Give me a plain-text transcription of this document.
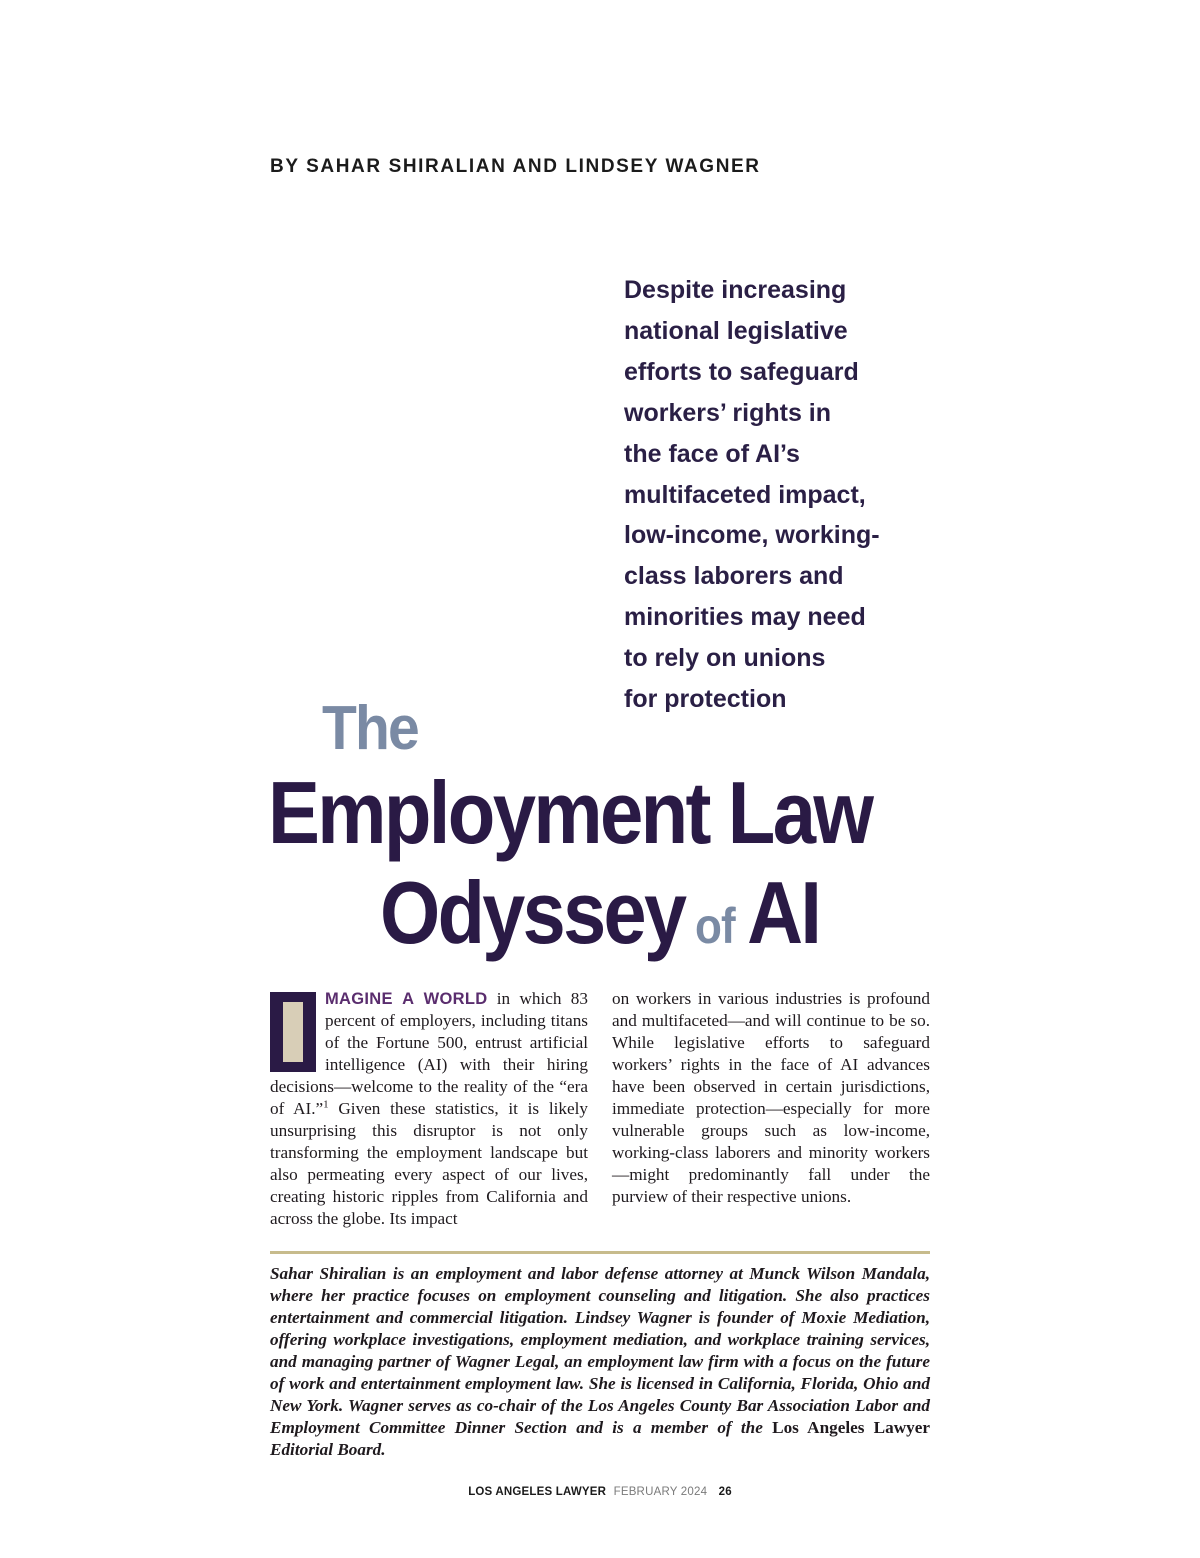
BY SAHAR SHIRALIAN AND LINDSEY WAGNER
Despite increasing
national legislative
efforts to safeguard
workers’ rights in
the face of AI’s
multifaceted impact,
low-income, working-
class laborers and
minorities may need
to rely on unions
for protection
The
Employment Law
Odyssey of AI

MAGINE A WORLD in which 83 percent of employers, including titans of the Fortune 500, entrust artificial intelligence (AI) with their hiring decisions—welcome to the reality of the “era of AI.”$^1$ Given these statistics, it is likely unsurprising this disruptor is not only transforming the employment landscape but also permeating every aspect of our lives, creating historic ripples from California and across the globe. Its impact

on workers in various industries is profound and multifaceted—and will continue to be so. While legislative efforts to safeguard workers’ rights in the face of AI advances have been observed in certain jurisdictions, immediate protection—especially for more vulnerable groups such as low-income, working-class laborers and minority workers—might predominantly fall under the purview of their respective unions.

Sahar Shiralian is an employment and labor defense attorney at Munck Wilson Mandala, where her practice focuses on employment counseling and litigation. She also practices entertainment and commercial litigation. Lindsey Wagner is founder of Moxie Mediation, offering workplace investigations, employment mediation, and workplace training services, and managing partner of Wagner Legal, an employment law firm with a focus on the future of work and entertainment employment law. She is licensed in California, Florida, Ohio and New York. Wagner serves as co-chair of the Los Angeles County Bar Association Labor and Employment Committee Dinner Section and is a member of the Los Angeles Lawyer Editorial Board.
LOS ANGELES LAWYER FEBRUARY 2024 26
